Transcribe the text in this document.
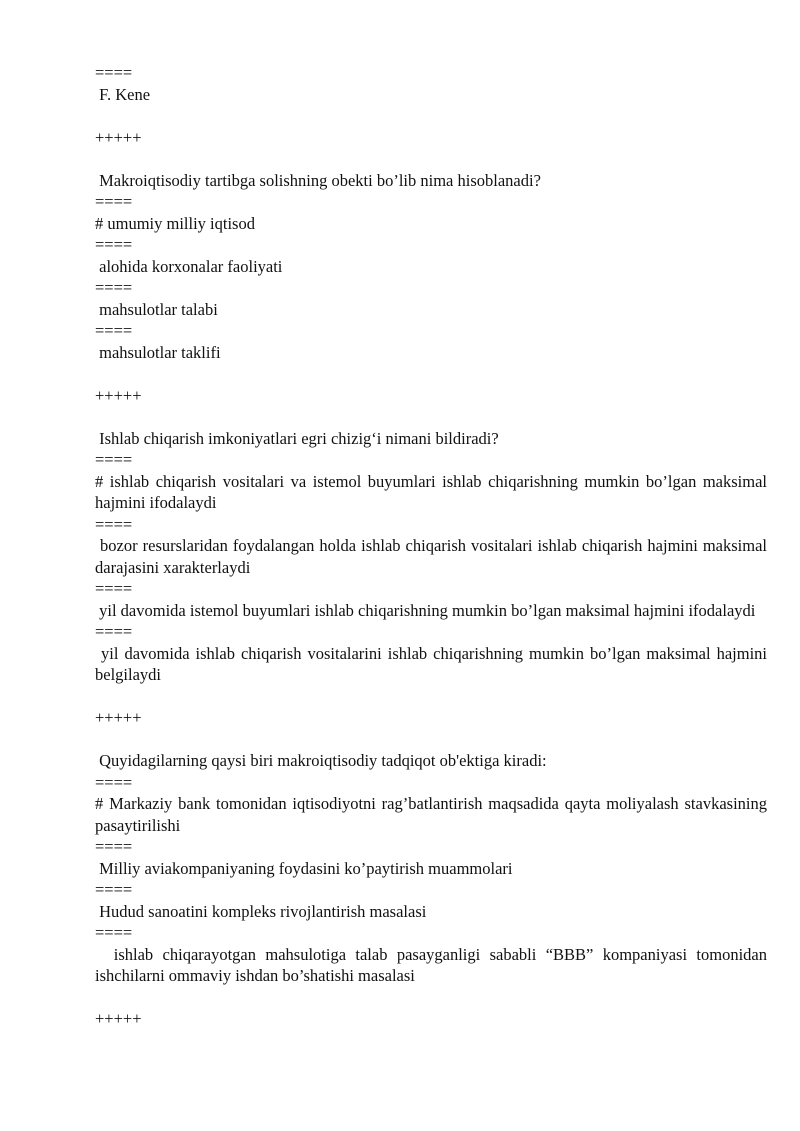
====

F. Kene

+++++

Makroiqtisodiy tartibga solishning obekti bo’lib nima hisoblanadi?

====

# umumiy milliy iqtisod

====

alohida korxonalar faoliyati

====

mahsulotlar talabi

====

mahsulotlar taklifi

+++++

Ishlab chiqarish imkoniyatlari egri chizig‘i nimani bildiradi?

====

# ishlab chiqarish vositalari va istemol buyumlari ishlab chiqarishning mumkin bo’lgan maksimal hajmini ifodalaydi

====

bozor resurslaridan foydalangan holda ishlab chiqarish vositalari ishlab chiqarish hajmini maksimal darajasini xarakterlaydi

====

yil davomida istemol buyumlari ishlab chiqarishning mumkin bo’lgan maksimal hajmini ifodalaydi

====

yil davomida ishlab chiqarish vositalarini ishlab chiqarishning mumkin bo’lgan maksimal hajmini belgilaydi

+++++

Quyidagilarning qaysi biri makroiqtisodiy tadqiqot ob'ektiga kiradi:

====

# Markaziy bank tomonidan iqtisodiyotni rag’batlantirish maqsadida qayta moliyalash stavkasining pasaytirilishi

====

Milliy aviakompaniyaning foydasini ko’paytirish muammolari

====

Hudud sanoatini kompleks rivojlantirish masalasi

====

ishlab chiqarayotgan mahsulotiga talab pasayganligi sababli “BBB” kompaniyasi tomonidan ishchilarni ommaviy ishdan bo’shatishi masalasi

+++++
